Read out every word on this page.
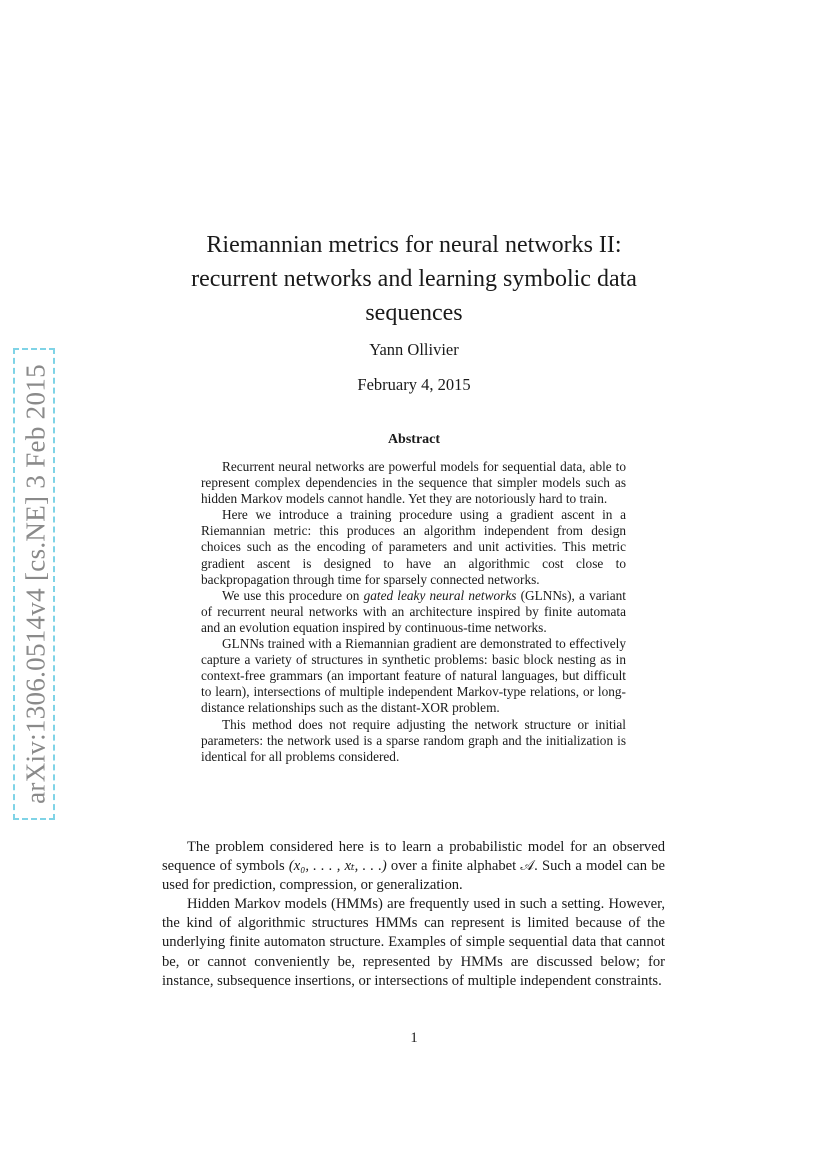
arXiv:1306.0514v4 [cs.NE] 3 Feb 2015
Riemannian metrics for neural networks II:
recurrent networks and learning symbolic data
sequences
Yann Ollivier
February 4, 2015
Abstract

Recurrent neural networks are powerful models for sequential data, able to represent complex dependencies in the sequence that simpler models such as hidden Markov models cannot handle. Yet they are notoriously hard to train.

Here we introduce a training procedure using a gradient ascent in a Riemannian metric: this produces an algorithm independent from design choices such as the encoding of parameters and unit activities. This metric gradient ascent is designed to have an algorithmic cost close to backpropagation through time for sparsely connected networks.

We use this procedure on gated leaky neural networks (GLNNs), a variant of recurrent neural networks with an architecture inspired by finite automata and an evolution equation inspired by continuous-time networks.

GLNNs trained with a Riemannian gradient are demonstrated to effectively capture a variety of structures in synthetic problems: basic block nesting as in context-free grammars (an important feature of natural languages, but difficult to learn), intersections of multiple independent Markov-type relations, or long-distance relationships such as the distant-XOR problem.

This method does not require adjusting the network structure or initial parameters: the network used is a sparse random graph and the initialization is identical for all problems considered.

The problem considered here is to learn a probabilistic model for an observed sequence of symbols (x₀, . . . , xₜ, . . .) over a finite alphabet 𝒜. Such a model can be used for prediction, compression, or generalization.

Hidden Markov models (HMMs) are frequently used in such a setting. However, the kind of algorithmic structures HMMs can represent is limited because of the underlying finite automaton structure. Examples of simple sequential data that cannot be, or cannot conveniently be, represented by HMMs are discussed below; for instance, subsequence insertions, or intersections of multiple independent constraints.

1
